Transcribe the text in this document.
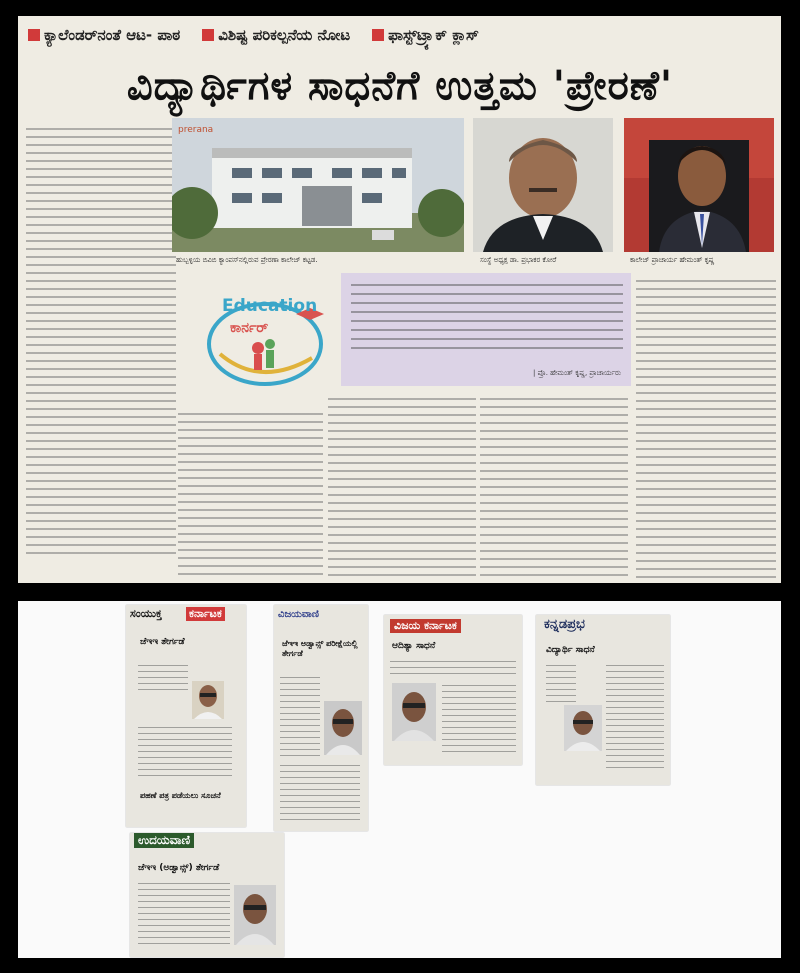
ಕ್ಯಾಲೆಂಡರ್‌ನಂತೆ ಆಟ- ಪಾಠ	ವಿಶಿಷ್ಟ ಪರಿಕಲ್ಪನೆಯ ನೋಟ	ಫಾಸ್ಟ್‌ಟ್ರ್ಯಾಕ್ ಕ್ಲಾಸ್
ವಿದ್ಯಾರ್ಥಿಗಳ ಸಾಧನೆಗೆ ಉತ್ತಮ 'ಪ್ರೇರಣೆ'
prerana
ಹುಬ್ಬಳ್ಳಿಯ ಬಿವಿಬಿ ಕ್ಯಾಂಪಸ್‌ನಲ್ಲಿರುವ ಪ್ರೇರಣಾ ಕಾಲೇಜ್ ಕಟ್ಟಡ.	ಸಂಸ್ಥೆ ಅಧ್ಯಕ್ಷ ಡಾ. ಪ್ರಭಾಕರ ಕೋರೆ	ಕಾಲೇಜ್ ಪ್ರಾಚಾರ್ಯ ಹೇಮಂತ್ ಕೃಷ್ಣ
Education
ಕಾರ್ನರ್
| ಪ್ರೊ. ಹೇಮಂತ್ ಕೃಷ್ಣ, ಪ್ರಾಚಾರ್ಯರು
ಸಂಯುಕ್ತ ಕರ್ನಾಟಕ
ಜೆಇಇ ತೇರ್ಗಡೆ
ಪಹಣೆ ಪತ್ರ ಪಡೆಯಲು ಸೂಚನೆ
ವಿಜಯವಾಣಿ
ಜೆಇಇ ಅಡ್ವಾನ್ಸ್ ಪರೀಕ್ಷೆಯಲ್ಲಿ ತೇರ್ಗಡೆ
ವಿಜಯ ಕರ್ನಾಟಕ
ಆದಿತ್ಯಾ ಸಾಧನೆ
ಕನ್ನಡಪ್ರಭ
ವಿದ್ಯಾರ್ಥಿ ಸಾಧನೆ
ಉದಯವಾಣಿ
ಜೆಇಇ (ಅಡ್ವಾನ್ಸ್) ತೇರ್ಗಡೆ
